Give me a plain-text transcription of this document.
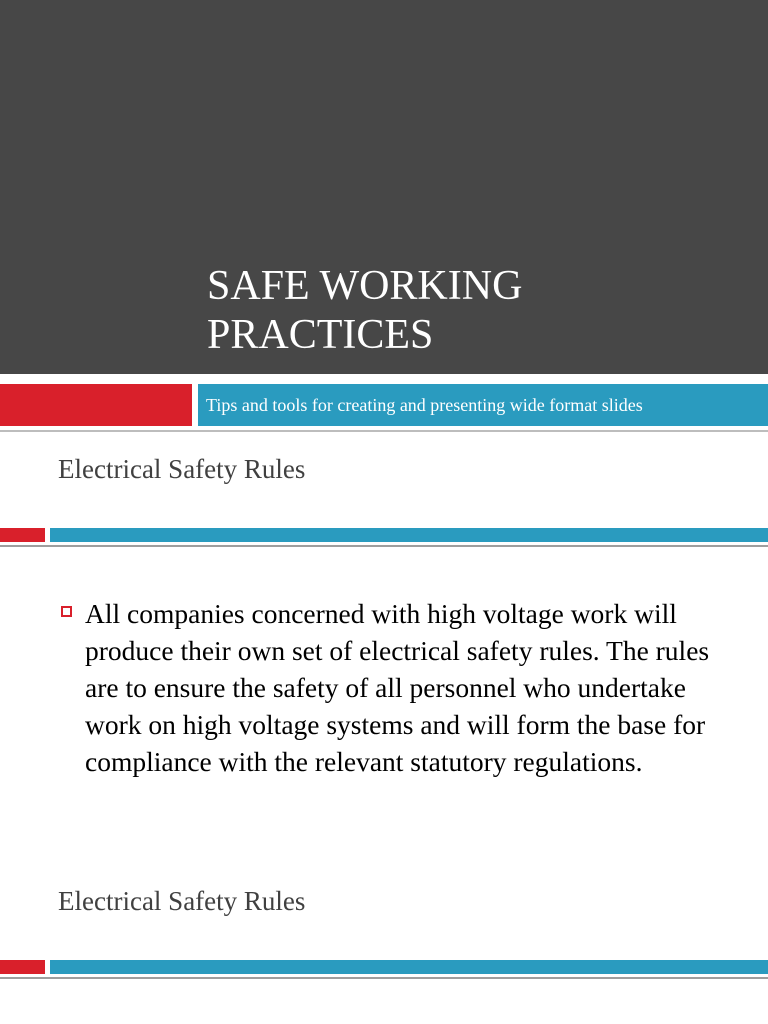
SAFE WORKING
PRACTICES
Tips and tools for creating and presenting wide format slides
Electrical Safety Rules
All companies concerned with high voltage work will produce their own set of electrical safety rules. The rules are to ensure the safety of all personnel who undertake work on high voltage systems and will form the base for compliance with the relevant statutory regulations.
Electrical Safety Rules
